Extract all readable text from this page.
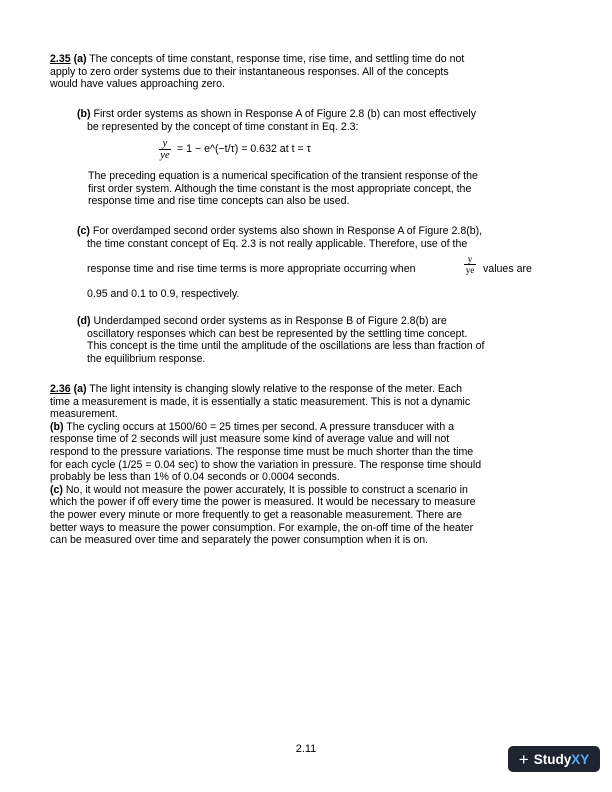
2.35 (a) The concepts of time constant, response time, rise time, and settling time do not
apply to zero order systems due to their instantaneous responses. All of the concepts
would have values approaching zero.
(b) First order systems as shown in Response A of Figure 2.8 (b) can most effectively
be represented by the concept of time constant in Eq. 2.3:
y
ye
= 1 − e^(−t/τ) = 0.632 at t = τ
The preceding equation is a numerical specification of the transient response of the
first order system. Although the time constant is the most appropriate concept, the
response time and rise time concepts can also be used.
(c) For overdamped second order systems also shown in Response A of Figure 2.8(b),
the time constant concept of Eq. 2.3 is not really applicable. Therefore, use of the
response time and rise time terms is more appropriate occurring when
y
ye values are
0.95 and 0.1 to 0.9, respectively.
(d) Underdamped second order systems as in Response B of Figure 2.8(b) are
oscillatory responses which can best be represented by the settling time concept.
This concept is the time until the amplitude of the oscillations are less than fraction of
the equilibrium response.
2.36 (a) The light intensity is changing slowly relative to the response of the meter. Each
time a measurement is made, it is essentially a static measurement. This is not a dynamic
measurement.
(b) The cycling occurs at 1500/60 = 25 times per second. A pressure transducer with a
response time of 2 seconds will just measure some kind of average value and will not
respond to the pressure variations. The response time must be much shorter than the time
for each cycle (1/25 = 0.04 sec) to show the variation in pressure. The response time should
probably be less than 1% of 0.04 seconds or 0.0004 seconds.
(c) No, it would not measure the power accurately, It is possible to construct a scenario in
which the power if off every time the power is measured. It would be necessary to measure
the power every minute or more frequently to get a reasonable measurement. There are
better ways to measure the power consumption. For example, the on-off time of the heater
can be measured over time and separately the power consumption when it is on.
2.11
+ StudyXY
